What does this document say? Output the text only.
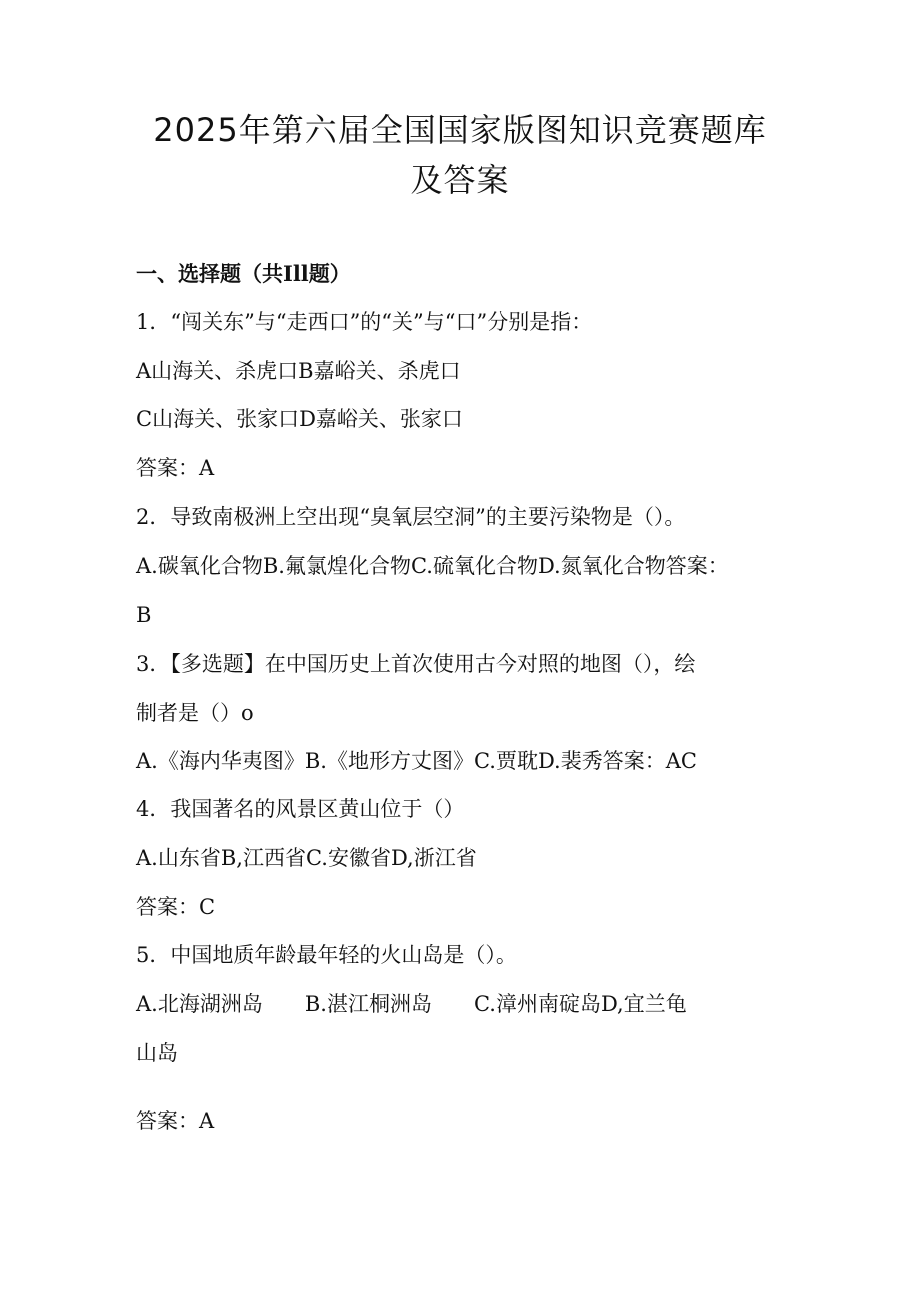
2025年第六届全国国家版图知识竞赛题库
及答案
一、选择题（共Ill题）
1．“闯关东”与“走西口”的“关”与“口”分别是指：
A山海关、杀虎口B嘉峪关、杀虎口
C山海关、张家口D嘉峪关、张家口
答案：A
2．导致南极洲上空出现“臭氧层空洞”的主要污染物是（）。
A.碳氧化合物B.氟氯煌化合物C.硫氧化合物D.氮氧化合物答案：
B
3．【多选题】在中国历史上首次使用古今对照的地图（），绘
制者是（）o
A.《海内华夷图》B.《地形方丈图》C.贾耽D.裴秀答案：AC
4．我国著名的风景区黄山位于（）
A.山东省B,江西省C.安徽省D,浙江省
答案：C
5．中国地质年龄最年轻的火山岛是（）。
A.北海湖洲岛　　B.湛江桐洲岛　　C.漳州南碇岛D,宜兰龟
山岛
答案：A
